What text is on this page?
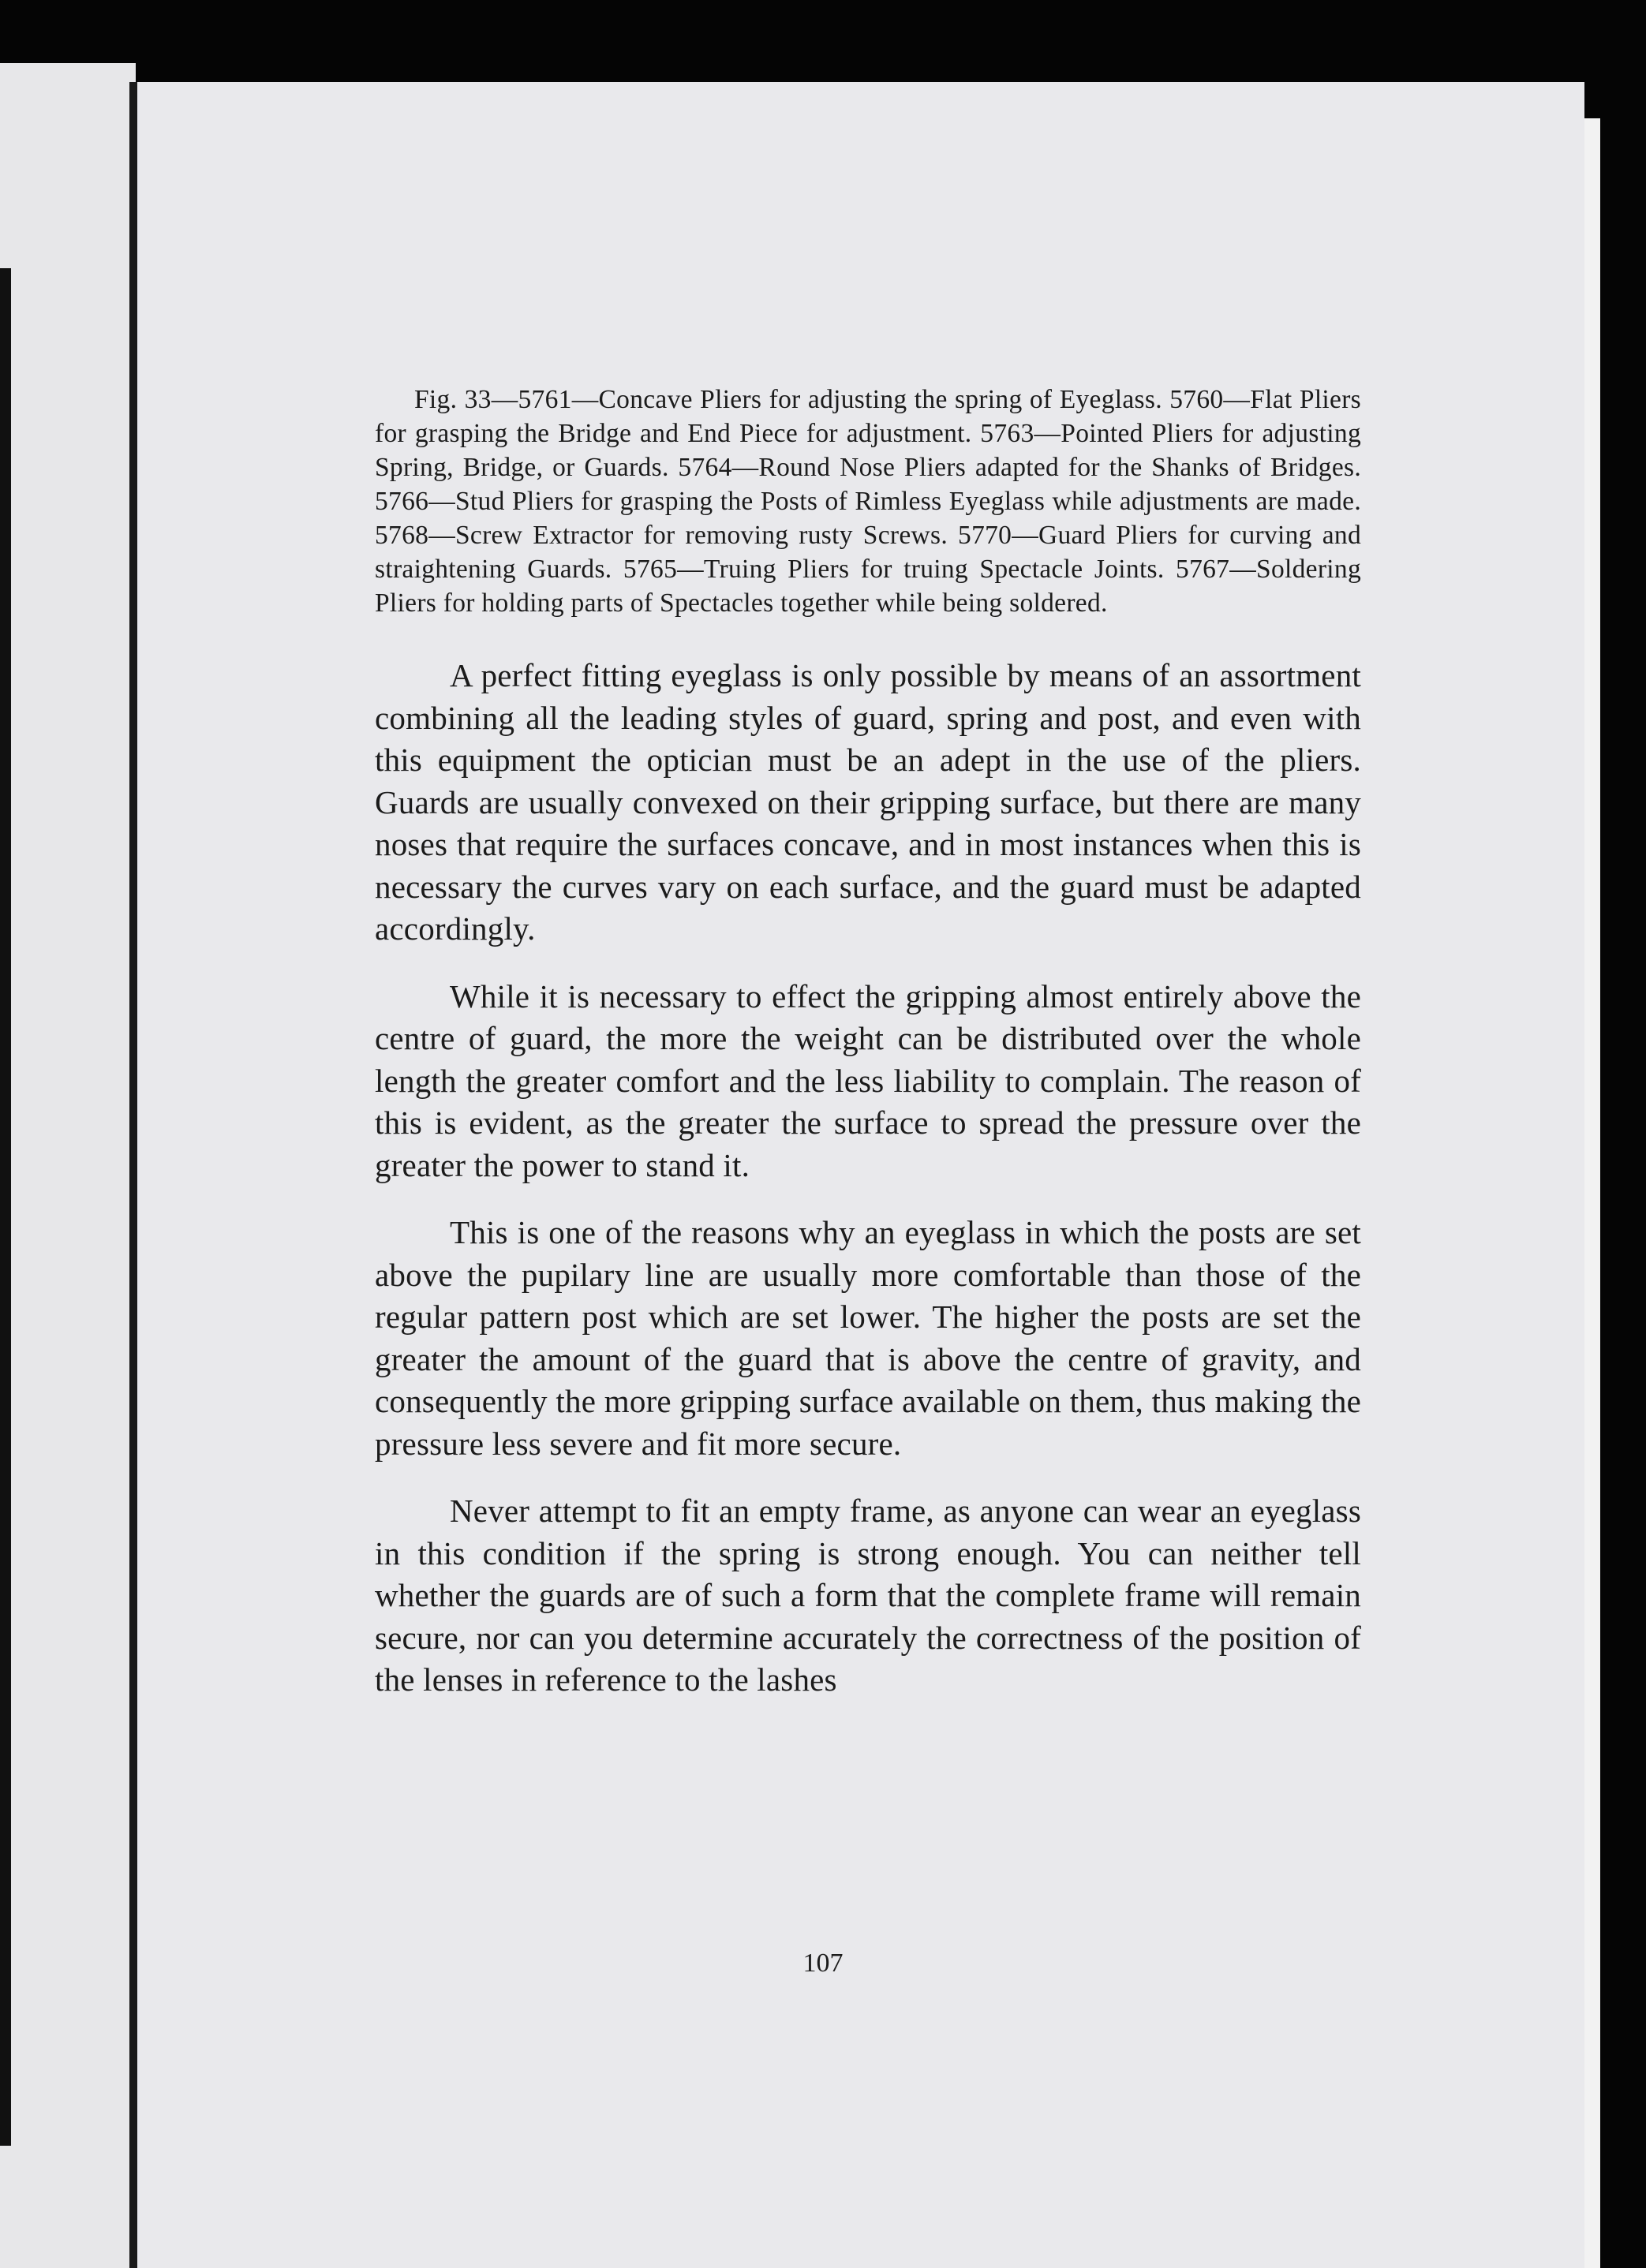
Fig. 33—5761—Concave Pliers for adjusting the spring of Eyeglass. 5760—Flat Pliers for grasping the Bridge and End Piece for adjustment. 5763—Pointed Pliers for adjusting Spring, Bridge, or Guards. 5764—Round Nose Pliers adapted for the Shanks of Bridges. 5766—Stud Pliers for grasping the Posts of Rimless Eyeglass while adjustments are made. 5768—Screw Extractor for removing rusty Screws. 5770—Guard Pliers for curving and straightening Guards. 5765—Truing Pliers for truing Spectacle Joints. 5767—Soldering Pliers for holding parts of Spectacles together while being soldered.

A perfect fitting eyeglass is only possible by means of an assortment combining all the leading styles of guard, spring and post, and even with this equipment the optician must be an adept in the use of the pliers. Guards are usually convexed on their gripping surface, but there are many noses that require the surfaces concave, and in most instances when this is necessary the curves vary on each surface, and the guard must be adapted accordingly.

While it is necessary to effect the gripping almost entirely above the centre of guard, the more the weight can be distributed over the whole length the greater comfort and the less liability to complain. The reason of this is evident, as the greater the surface to spread the pressure over the greater the power to stand it.

This is one of the reasons why an eyeglass in which the posts are set above the pupilary line are usually more comfortable than those of the regular pattern post which are set lower. The higher the posts are set the greater the amount of the guard that is above the centre of gravity, and consequently the more gripping surface available on them, thus making the pressure less severe and fit more secure.

Never attempt to fit an empty frame, as anyone can wear an eyeglass in this condition if the spring is strong enough. You can neither tell whether the guards are of such a form that the complete frame will remain secure, nor can you determine accurately the correctness of the position of the lenses in reference to the lashes

107
